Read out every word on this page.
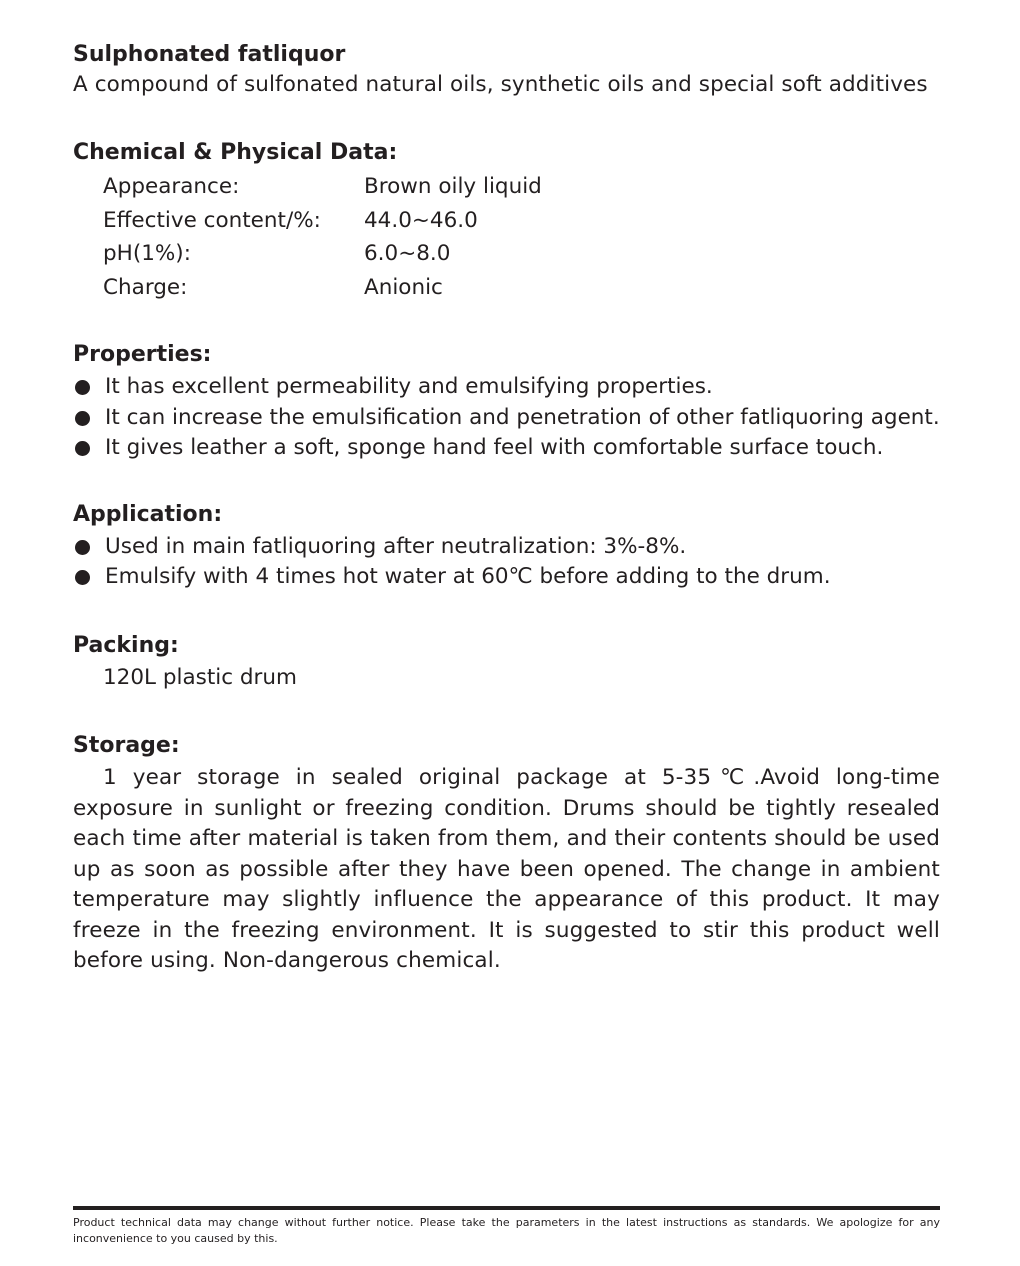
Sulphonated fatliquor

A compound of sulfonated natural oils, synthetic oils and special soft additives

Chemical & Physical Data:
Appearance:	Brown oily liquid
Effective content/%:	44.0~46.0
pH(1%):	6.0~8.0
Charge:	Anionic
Properties:
It has excellent permeability and emulsifying properties.
It can increase the emulsification and penetration of other fatliquoring agent.
It gives leather a soft, sponge hand feel with comfortable surface touch.
Application:
Used in main fatliquoring after neutralization: 3%-8%.
Emulsify with 4 times hot water at 60℃ before adding to the drum.
Packing:

120L plastic drum

Storage:

1 year storage in sealed original package at 5-35℃.Avoid long-time exposure in sunlight or freezing condition. Drums should be tightly resealed each time after material is taken from them, and their contents should be used up as soon as possible after they have been opened. The change in ambient temperature may slightly influence the appearance of this product. It may freeze in the freezing environment. It is suggested to stir this product well before using. Non-dangerous chemical.

Product technical data may change without further notice. Please take the parameters in the latest instructions as standards. We apologize for any inconvenience to you caused by this.
